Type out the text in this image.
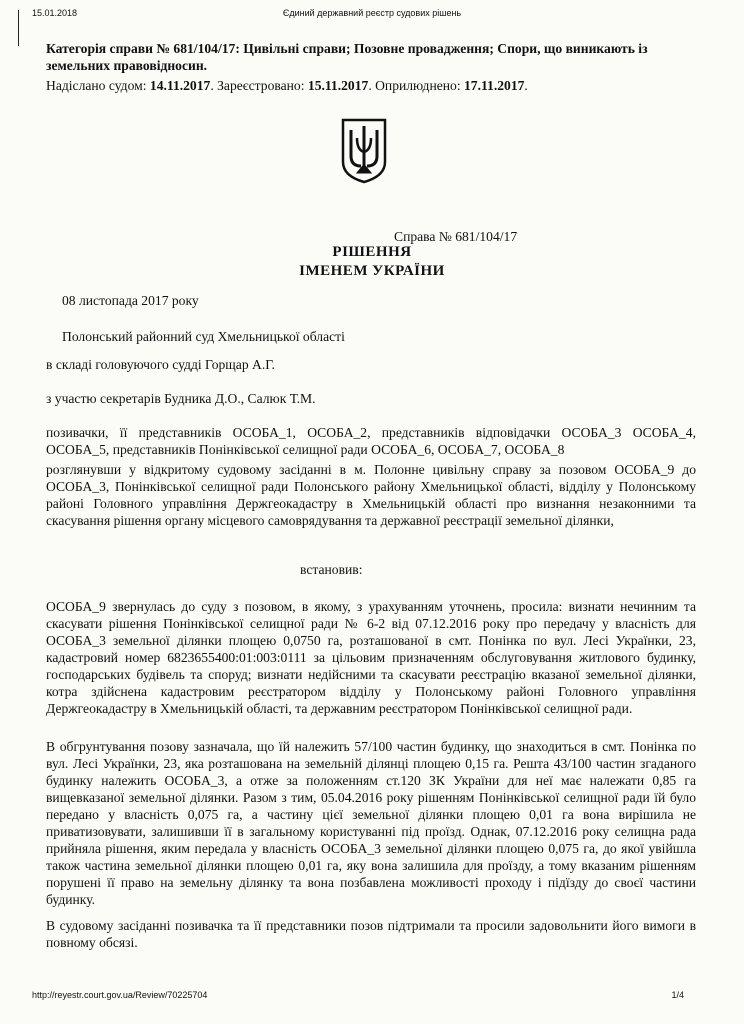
15.01.2018	Єдиний державний реєстр судових рішень
Категорія справи № 681/104/17: Цивільні справи; Позовне провадження; Спори, що виникають із земельних правовідносин.
Надіслано судом: 14.11.2017. Зареєстровано: 15.11.2017. Оприлюднено: 17.11.2017.
Справа № 681/104/17
РІШЕННЯ
ІМЕНЕМ УКРАЇНИ
08 листопада 2017 року
Полонський районний суд Хмельницької області
в складі головуючого судді Горщар А.Г.
з участю секретарів Будника Д.О., Салюк Т.М.
позивачки, її представників ОСОБА_1, ОСОБА_2, представників відповідачки ОСОБА_3 ОСОБА_4, ОСОБА_5, представників Понінківської селищної ради ОСОБА_6, ОСОБА_7, ОСОБА_8
розглянувши у відкритому судовому засіданні в м. Полонне цивільну справу за позовом ОСОБА_9 до ОСОБА_3, Понінківської селищної ради Полонського району Хмельницької області, відділу у Полонському районі Головного управління Держгеокадастру в Хмельницькій області про визнання незаконними та скасування рішення органу місцевого самоврядування та державної реєстрації земельної ділянки,
встановив:
ОСОБА_9 звернулась до суду з позовом, в якому, з урахуванням уточнень, просила: визнати нечинним та скасувати рішення Понінківської селищної ради № 6-2 від 07.12.2016 року про передачу у власність для ОСОБА_3 земельної ділянки площею 0,0750 га, розташованої в смт. Понінка по вул. Лесі Українки, 23, кадастровий номер 6823655400:01:003:0111 за цільовим призначенням обслуговування житлового будинку, господарських будівель та споруд; визнати недійсними та скасувати реєстрацію вказаної земельної ділянки, котра здійснена кадастровим реєстратором відділу у Полонському районі Головного управління Держгеокадастру в Хмельницькій області, та державним реєстратором Понінківської селищної ради.
В обгрунтування позову зазначала, що їй належить 57/100 частин будинку, що знаходиться в смт. Понінка по вул. Лесі Українки, 23, яка розташована на земельній ділянці площею 0,15 га. Решта 43/100 частин згаданого будинку належить ОСОБА_3, а отже за положенням ст.120 ЗК України для неї має належати 0,85 га вищевказаної земельної ділянки. Разом з тим, 05.04.2016 року рішенням Понінківської селищної ради їй було передано у власність 0,075 га, а частину цієї земельної ділянки площею 0,01 га вона вирішила не приватизовувати, залишивши її в загальному користуванні під проїзд. Однак, 07.12.2016 року селищна рада прийняла рішення, яким передала у власність ОСОБА_3 земельної ділянки площею 0,075 га, до якої увійшла також частина земельної ділянки площею 0,01 га, яку вона залишила для проїзду, а тому вказаним рішенням порушені її право на земельну ділянку та вона позбавлена можливості проходу і підїзду до своєї частини будинку.
В судовому засіданні позивачка та її представники позов підтримали та просили задовольнити його вимоги в повному обсязі.
http://reyestr.court.gov.ua/Review/70225704	1/4
